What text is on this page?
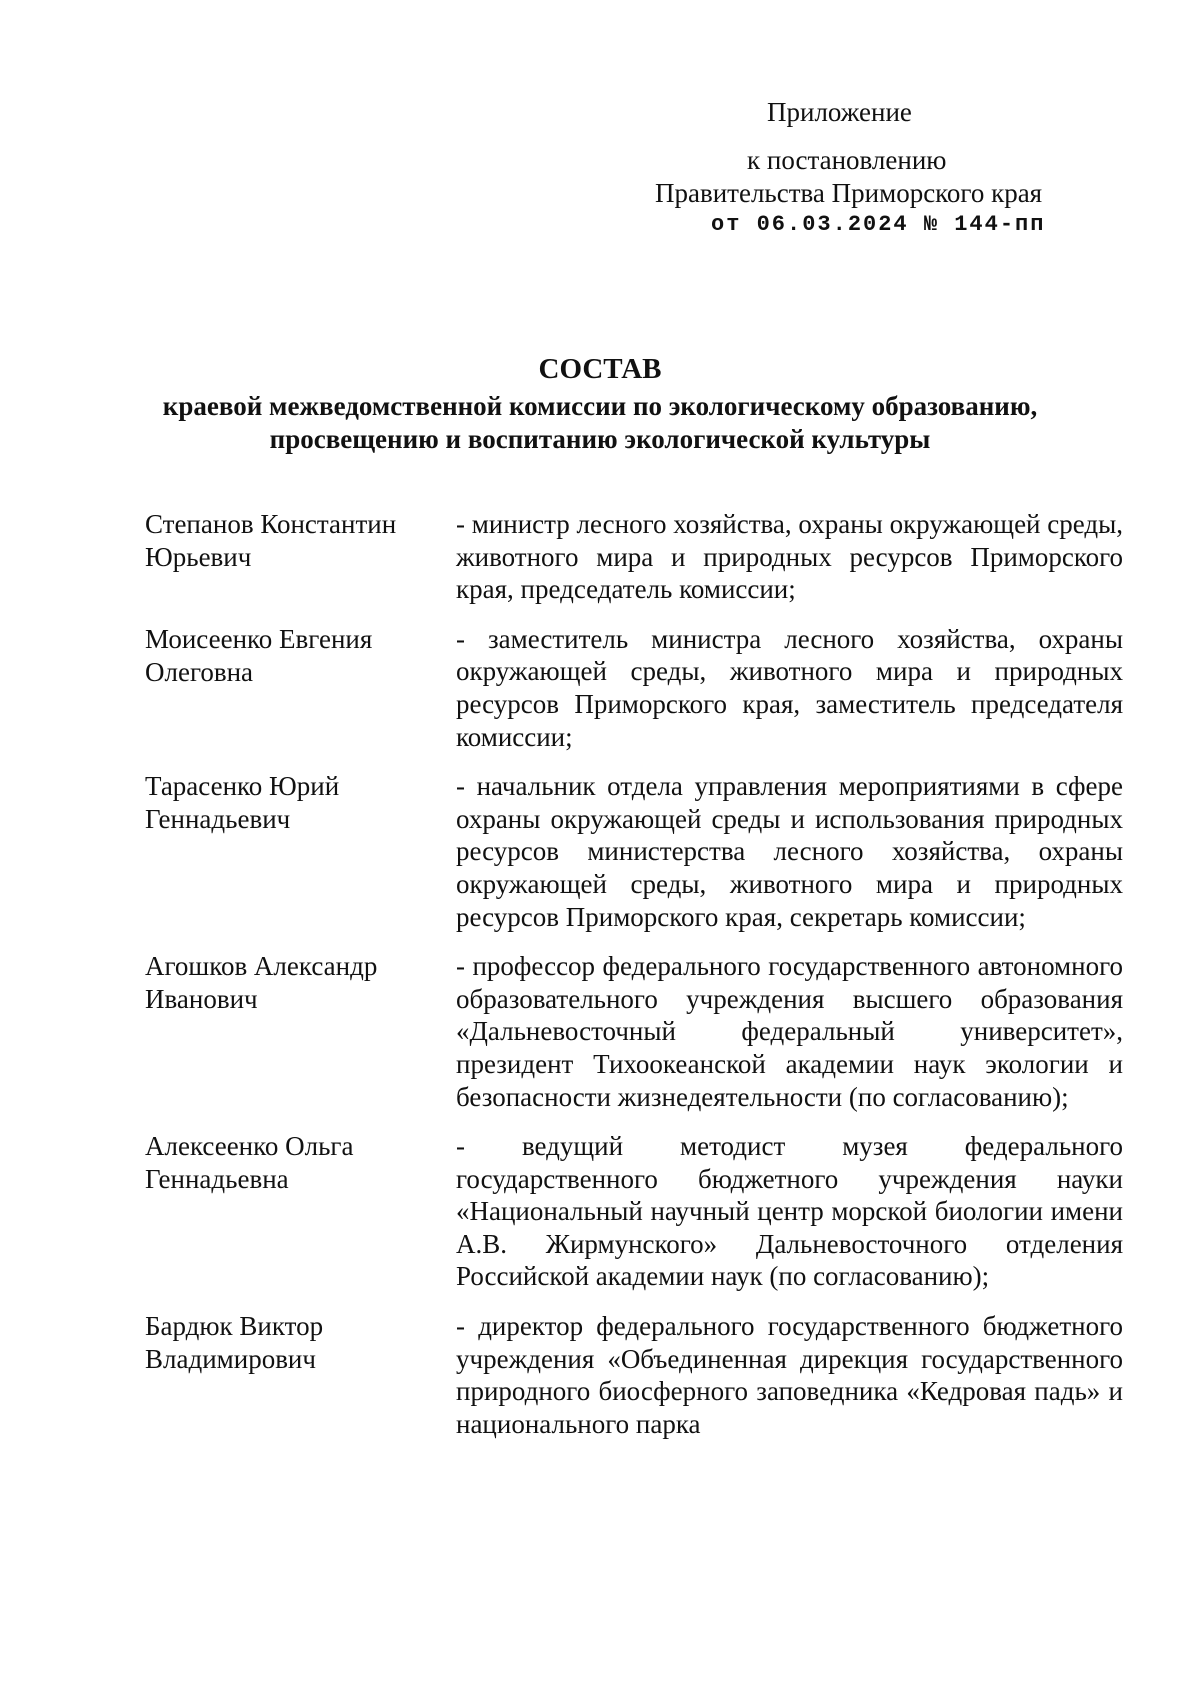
Приложение
к постановлению
Правительства Приморского края
от 06.03.2024 № 144-пп
СОСТАВ
краевой межведомственной комиссии по экологическому образованию,
просвещению и воспитанию экологической культуры
Степанов Константин
Юрьевич
- министр лесного хозяйства, охраны окружающей среды, животного мира и природных ресурсов Приморского края, председатель комиссии;
Моисеенко Евгения
Олеговна
- заместитель министра лесного хозяйства, охраны окружающей среды, животного мира и природных ресурсов Приморского края, заместитель председателя комиссии;
Тарасенко Юрий
Геннадьевич
- начальник отдела управления мероприятиями в сфере охраны окружающей среды и использования природных ресурсов министерства лесного хозяйства, охраны окружающей среды, животного мира и природных ресурсов Приморского края, секретарь комиссии;
Агошков Александр
Иванович
- профессор федерального государственного автономного образовательного учреждения высшего образования «Дальневосточный федеральный университет», президент Тихоокеанской академии наук экологии и безопасности жизнедеятельности (по согласованию);
Алексеенко Ольга
Геннадьевна
- ведущий методист музея федерального государственного бюджетного учреждения науки «Национальный научный центр морской биологии имени А.В. Жирмунского» Дальневосточного отделения Российской академии наук (по согласованию);
Бардюк Виктор
Владимирович
- директор федерального государственного бюджетного учреждения «Объединенная дирекция государственного природного биосферного заповедника «Кедровая падь» и национального парка
